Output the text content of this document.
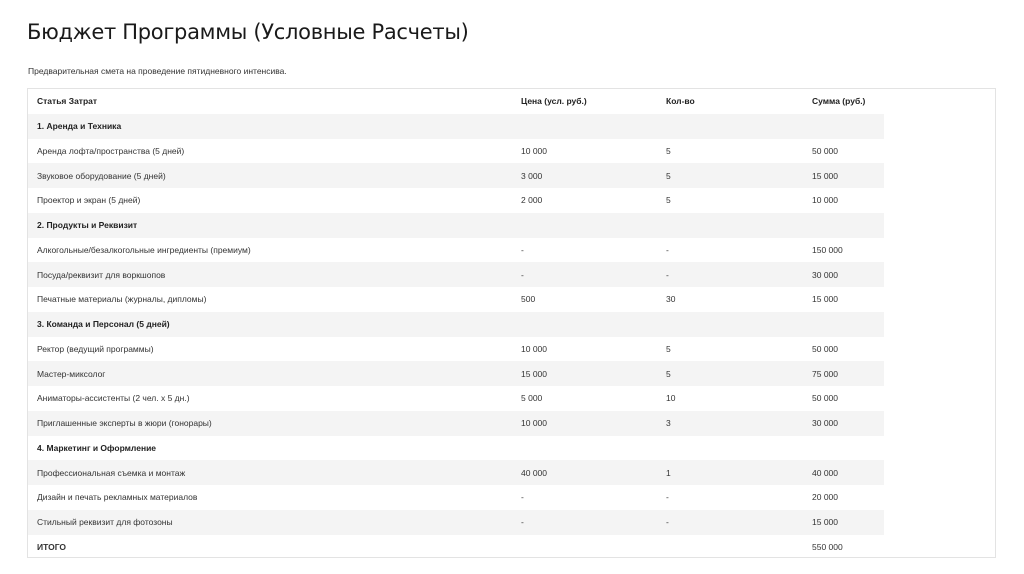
Бюджет Программы (Условные Расчеты)

Предварительная смета на проведение пятидневного интенсива.

Статья Затрат	Цена (усл. руб.)	Кол-во	Сумма (руб.)
1. Аренда и Техника			
Аренда лофта/пространства (5 дней)	10 000	5	50 000
Звуковое оборудование (5 дней)	3 000	5	15 000
Проектор и экран (5 дней)	2 000	5	10 000
2. Продукты и Реквизит			
Алкогольные/безалкогольные ингредиенты (премиум)	-	-	150 000
Посуда/реквизит для воркшопов	-	-	30 000
Печатные материалы (журналы, дипломы)	500	30	15 000
3. Команда и Персонал (5 дней)			
Ректор (ведущий программы)	10 000	5	50 000
Мастер-миксолог	15 000	5	75 000
Аниматоры-ассистенты (2 чел. х 5 дн.)	5 000	10	50 000
Приглашенные эксперты в жюри (гонорары)	10 000	3	30 000
4. Маркетинг и Оформление			
Профессиональная съемка и монтаж	40 000	1	40 000
Дизайн и печать рекламных материалов	-	-	20 000
Стильный реквизит для фотозоны	-	-	15 000
ИТОГО			550 000
